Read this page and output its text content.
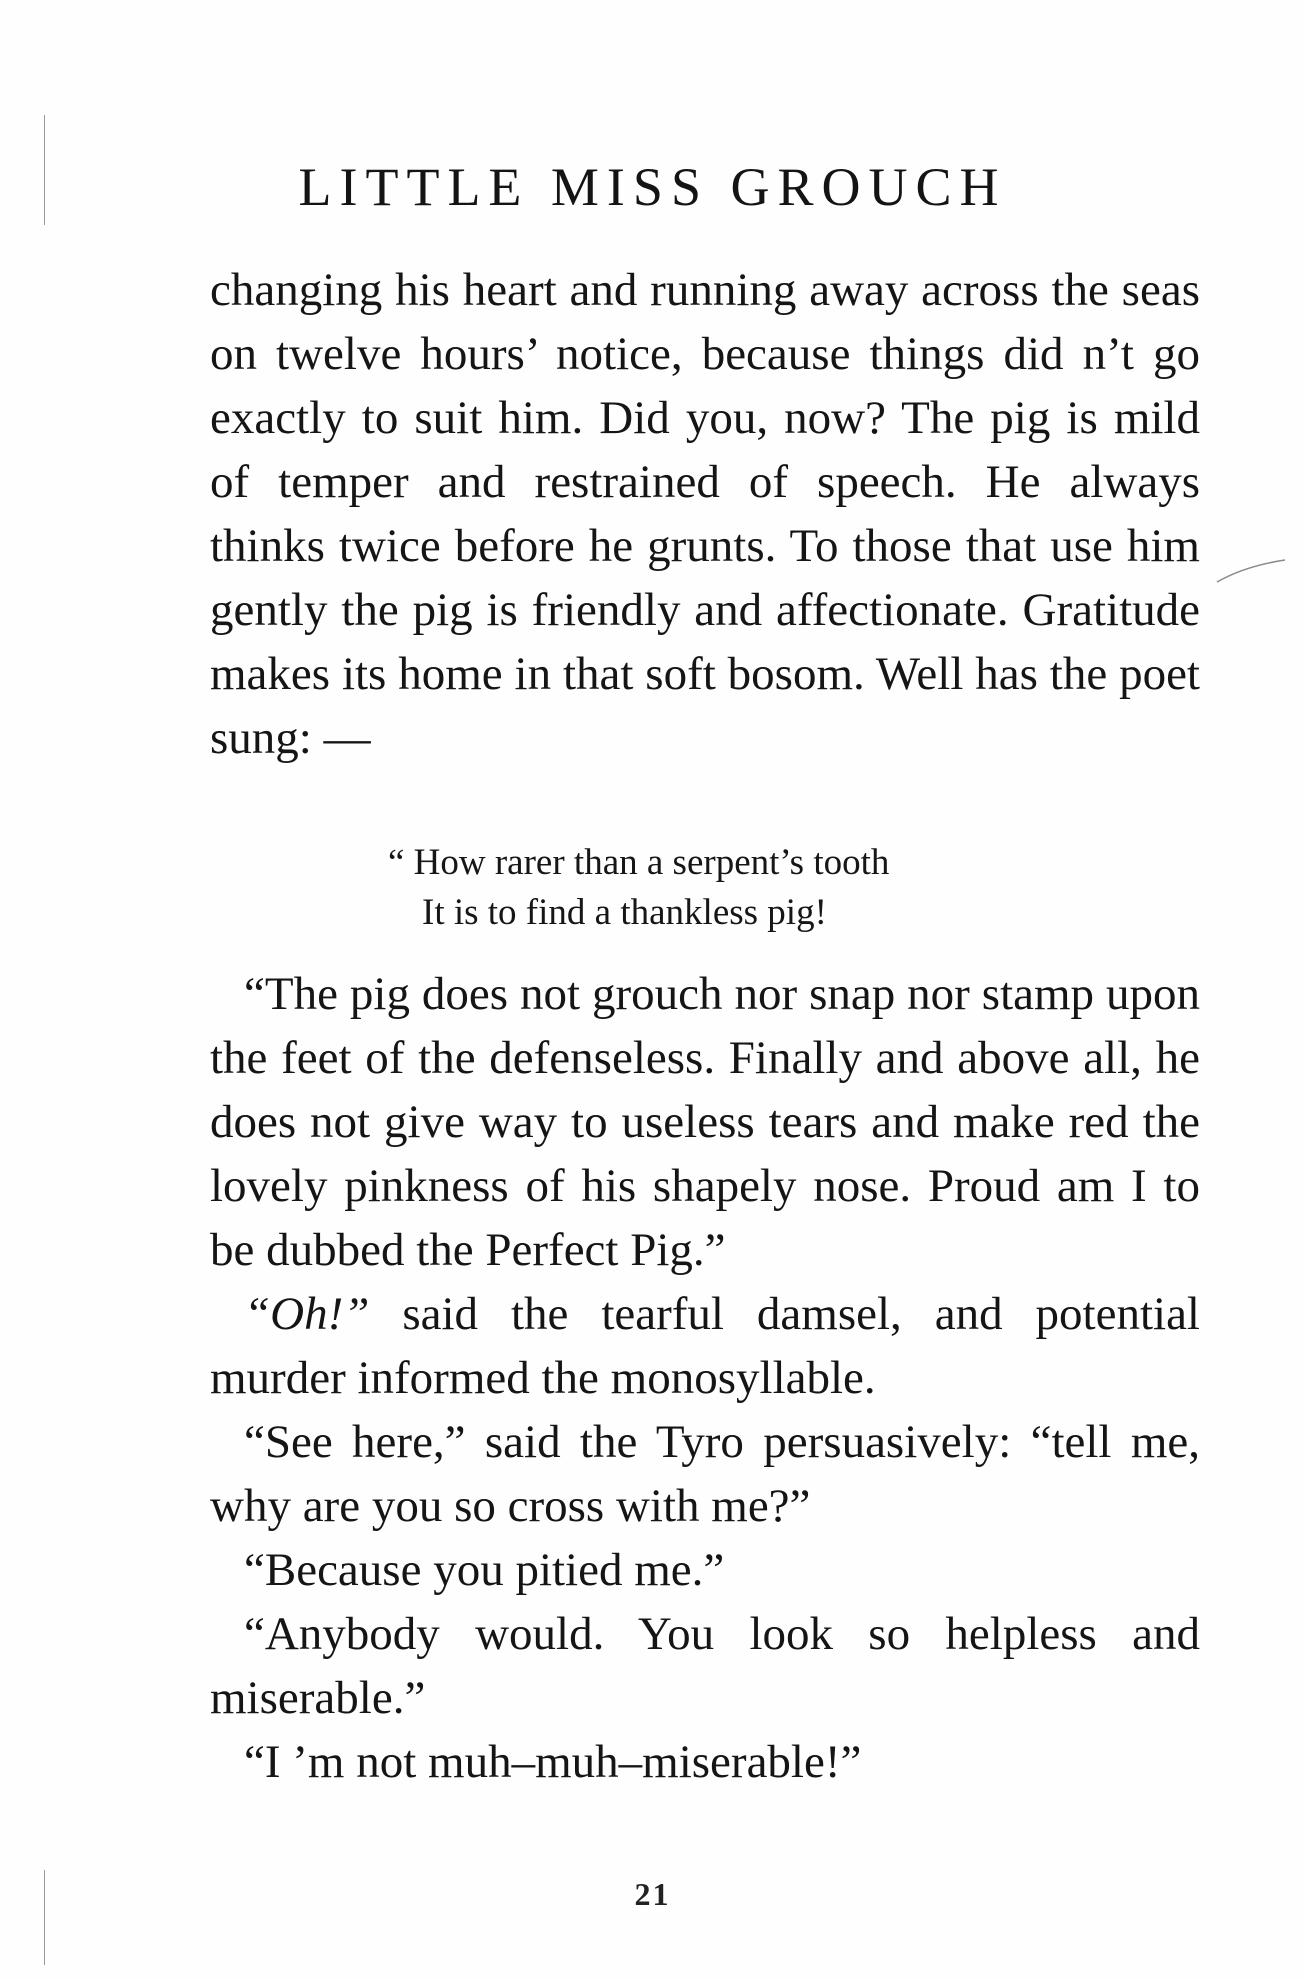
LITTLE MISS GROUCH

changing his heart and running away across the seas on twelve hours’ notice, because things did n’t go exactly to suit him. Did you, now? The pig is mild of temper and restrained of speech. He always thinks twice before he grunts. To those that use him gently the pig is friendly and affectionate. Gratitude makes its home in that soft bosom. Well has the poet sung: —

“ How rarer than a serpent’s tooth
It is to find a thankless pig!

“The pig does not grouch nor snap nor stamp upon the feet of the defenseless. Finally and above all, he does not give way to useless tears and make red the lovely pinkness of his shapely nose. Proud am I to be dubbed the Perfect Pig.”

“Oh!” said the tearful damsel, and potential murder informed the monosyllable.

“See here,” said the Tyro persuasively: “tell me, why are you so cross with me?”

“Because you pitied me.”

“Anybody would. You look so helpless and miserable.”

“I ’m not muh–muh–miserable!”

21
